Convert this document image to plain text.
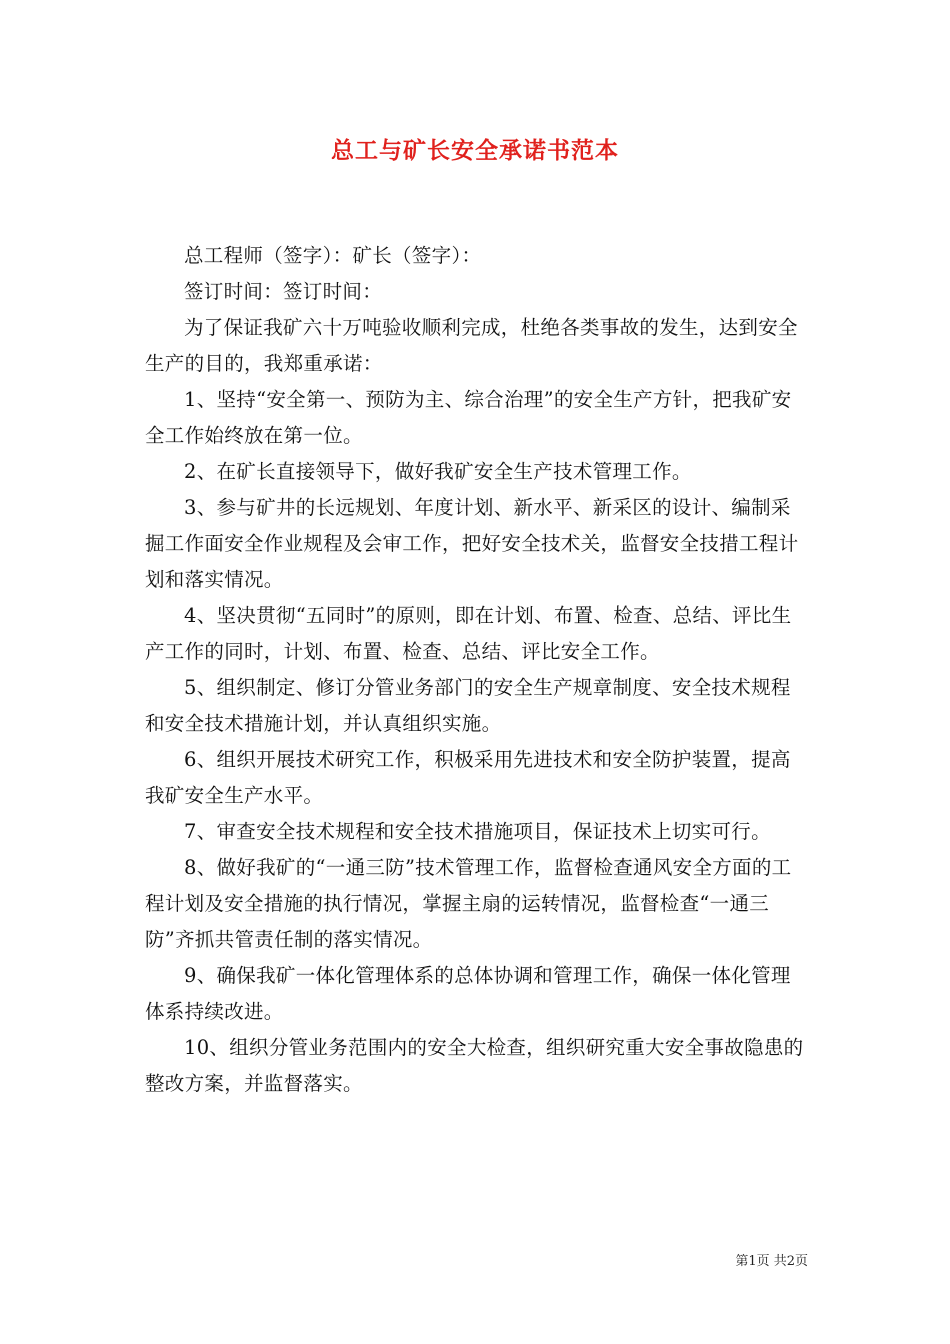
总工与矿长安全承诺书范本

总工程师（签字）：矿长（签字）：

签订时间：签订时间：

为了保证我矿六十万吨验收顺利完成，杜绝各类事故的发生，达到安全生产的目的，我郑重承诺：

1、坚持“安全第一、预防为主、综合治理”的安全生产方针，把我矿安全工作始终放在第一位。

2、在矿长直接领导下，做好我矿安全生产技术管理工作。

3、参与矿井的长远规划、年度计划、新水平、新采区的设计、编制采掘工作面安全作业规程及会审工作，把好安全技术关，监督安全技措工程计划和落实情况。

4、坚决贯彻“五同时”的原则，即在计划、布置、检查、总结、评比生产工作的同时，计划、布置、检查、总结、评比安全工作。

5、组织制定、修订分管业务部门的安全生产规章制度、安全技术规程和安全技术措施计划，并认真组织实施。

6、组织开展技术研究工作，积极采用先进技术和安全防护装置，提高我矿安全生产水平。

7、审查安全技术规程和安全技术措施项目，保证技术上切实可行。

8、做好我矿的“一通三防”技术管理工作，监督检查通风安全方面的工程计划及安全措施的执行情况，掌握主扇的运转情况，监督检查“一通三防”齐抓共管责任制的落实情况。

9、确保我矿一体化管理体系的总体协调和管理工作，确保一体化管理体系持续改进。

10、组织分管业务范围内的安全大检查，组织研究重大安全事故隐患的整改方案，并监督落实。

第1页 共2页
